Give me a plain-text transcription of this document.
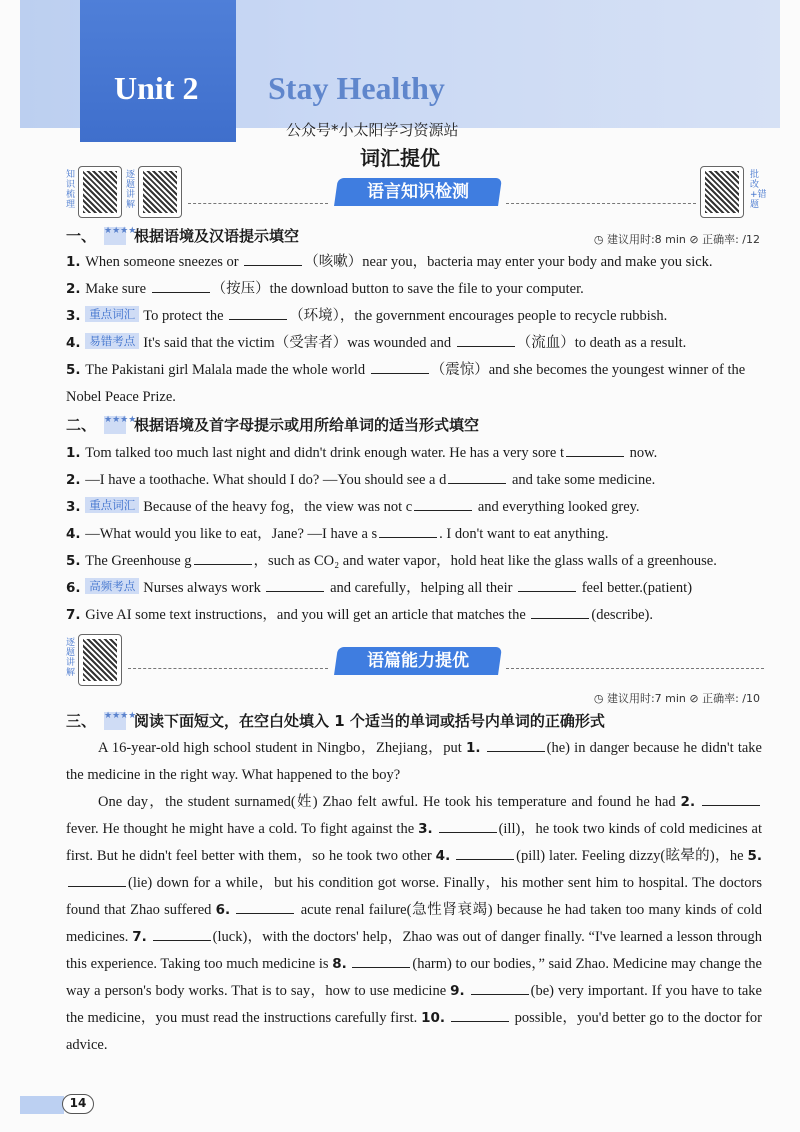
Unit 2 Stay Healthy
公众号*小太阳学习资源站
词汇提优
知识梳理
逐题讲解
批改+错题
语言知识检测
一、 ★★★★
根据语境及汉语提示填空	◷ 建议用时:8 min ⊘ 正确率: /12
1. When someone sneezes or	（咳嗽）near you，bacteria may enter your body and make you sick.
2. Make sure	（按压）the download button to save the file to your computer.
3. 重点词汇 To protect the	（环境），the government encourages people to recycle rubbish.
4. 易错考点 It's said that the victim（受害者）was wounded and	（流血）to death as a result.
5. The Pakistani girl Malala made the whole world	（震惊）and she becomes the youngest winner of the Nobel Peace Prize.
二、 ★★★★
根据语境及首字母提示或用所给单词的适当形式填空
1. Tom talked too much last night and didn't drink enough water. He has a very sore t	now.
2. —I have a toothache. What should I do? —You should see a d	and take some medicine.
3. 重点词汇 Because of the heavy fog，the view was not c	and everything looked grey.
4. —What would you like to eat，Jane? —I have a s	. I don't want to eat anything.
5. The Greenhouse g	，such as CO₂ and water vapor，hold heat like the glass walls of a greenhouse.
6. 高频考点 Nurses always work	and carefully，helping all their	feel better.(patient)
7. Give AI some text instructions，and you will get an article that matches the	(describe).
逐题讲解
语篇能力提优
◷ 建议用时:7 min ⊘ 正确率: /10
三、 ★★★★
阅读下面短文，在空白处填入 1 个适当的单词或括号内单词的正确形式

A 16-year-old high school student in Ningbo，Zhejiang，put 1.	(he) in danger because he didn't take the medicine in the right way. What happened to the boy?

One day，the student surnamed(姓) Zhao felt awful. He took his temperature and found he had 2.  fever. He thought he might have a cold. To fight against the 3.	(ill)，he took two kinds of cold medicines at first. But he didn't feel better with them，so he took two other 4.	(pill) later. Feeling dizzy(眩晕的)，he 5. (lie) down for a while，but his condition got worse. Finally，his mother sent him to hospital. The doctors found that Zhao suffered 6.	acute renal failure(急性肾衰竭) because he had taken too many kinds of cold medicines. 7.	(luck)，with the doctors' help，Zhao was out of danger finally. “I've learned a lesson through this experience. Taking too much medicine is 8.	(harm) to our bodies，” said Zhao. Medicine may change the way a person's body works. That is to say，how to use medicine 9.	(be) very important. If you have to take the medicine，you must read the instructions carefully first. 10.	possible，you'd better go to the doctor for advice.

14
